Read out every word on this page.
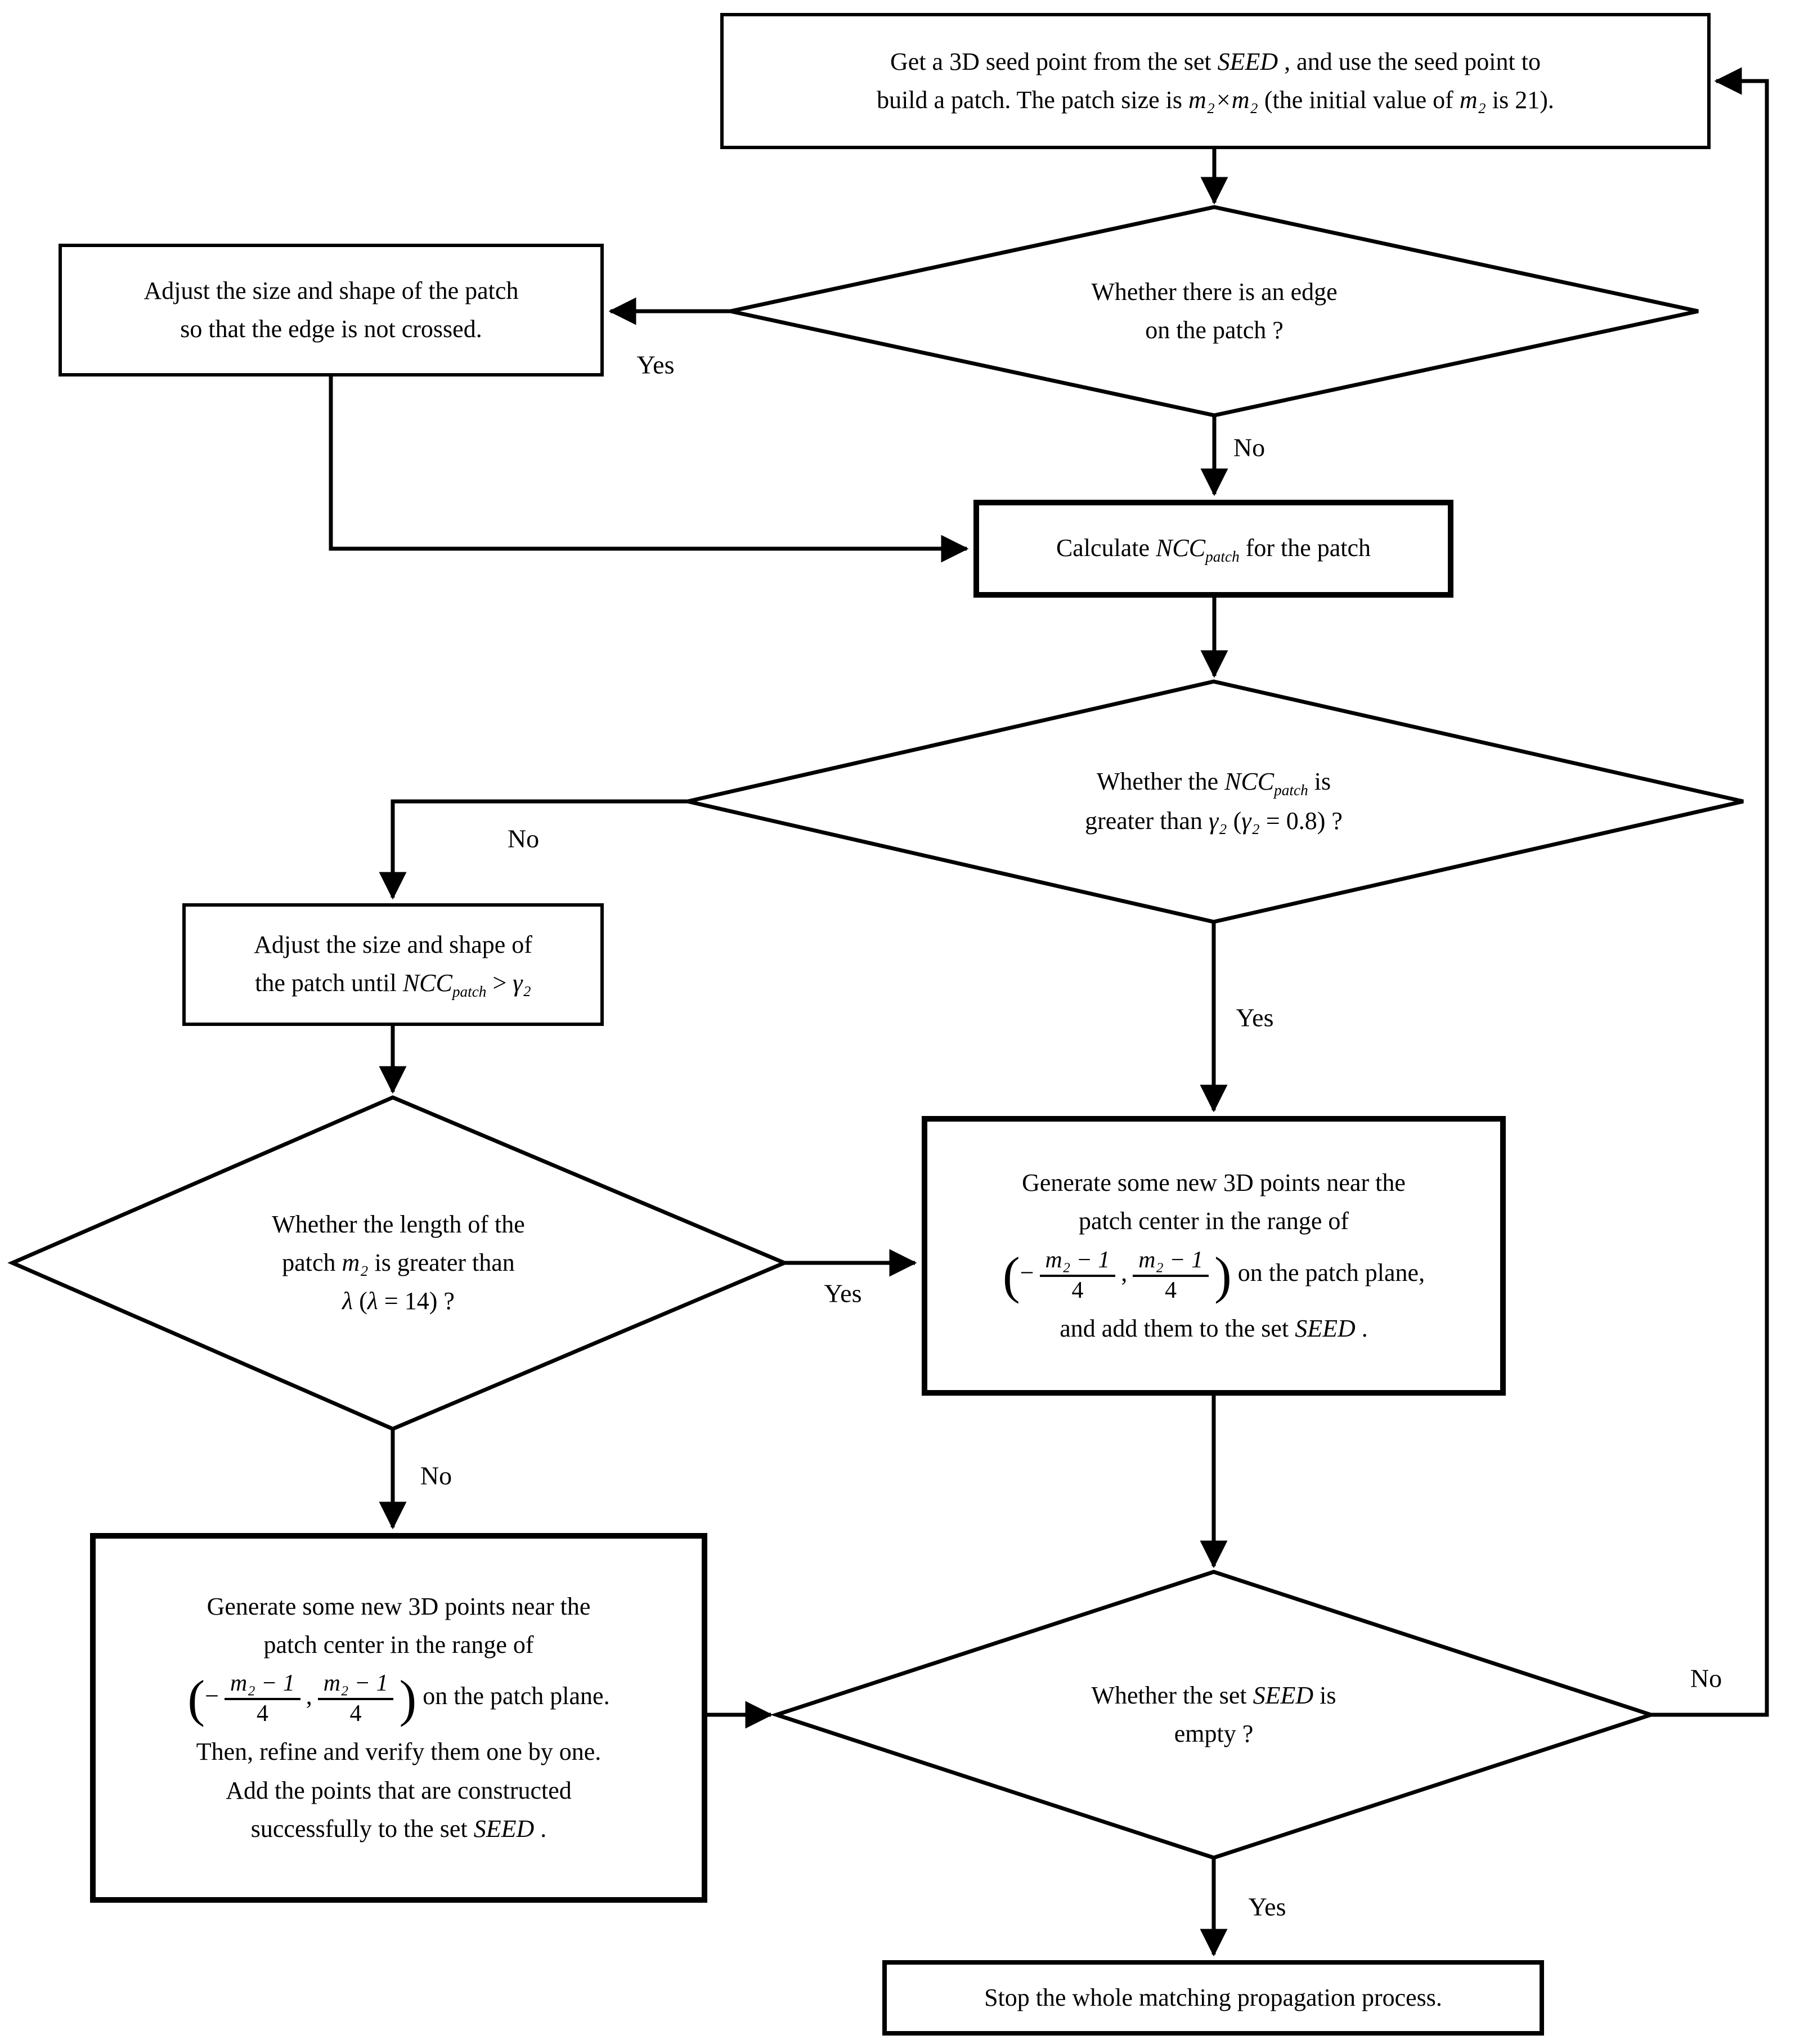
Get a 3D seed point from the set SEED , and use the seed point to
build a patch. The patch size is m₂×m₂ (the initial value of m₂ is 21).
Adjust the size and shape of the patch
so that the edge is not crossed.
Calculate $NCC_{patch}$ for the patch
Adjust the size and shape of
the patch until $NCC_{patch} > \gamma_2$
Generate some new 3D points near the
patch center in the range of
(− $\frac{\text{m₂ − 1}}{4}$ , $\frac{\text{m₂ − 1}}{4}$ ) on the patch plane,
and add them to the set SEED .
Generate some new 3D points near the
patch center in the range of
(− $\frac{\text{m₂ − 1}}{4}$ , $\frac{\text{m₂ − 1}}{4}$ ) on the patch plane.
Then, refine and verify them one by one.
Add the points that are constructed
successfully to the set SEED .
Stop the whole matching propagation process.
Whether there is an edge
on the patch ?
Whether the $NCC_{patch}$ is
greater than γ₂ (γ₂ = 0.8) ?
Whether the length of the
patch m₂ is greater than
λ (λ = 14) ?
Whether the set SEED is
empty ?
Yes
No
No
Yes
Yes
No
Yes
No
